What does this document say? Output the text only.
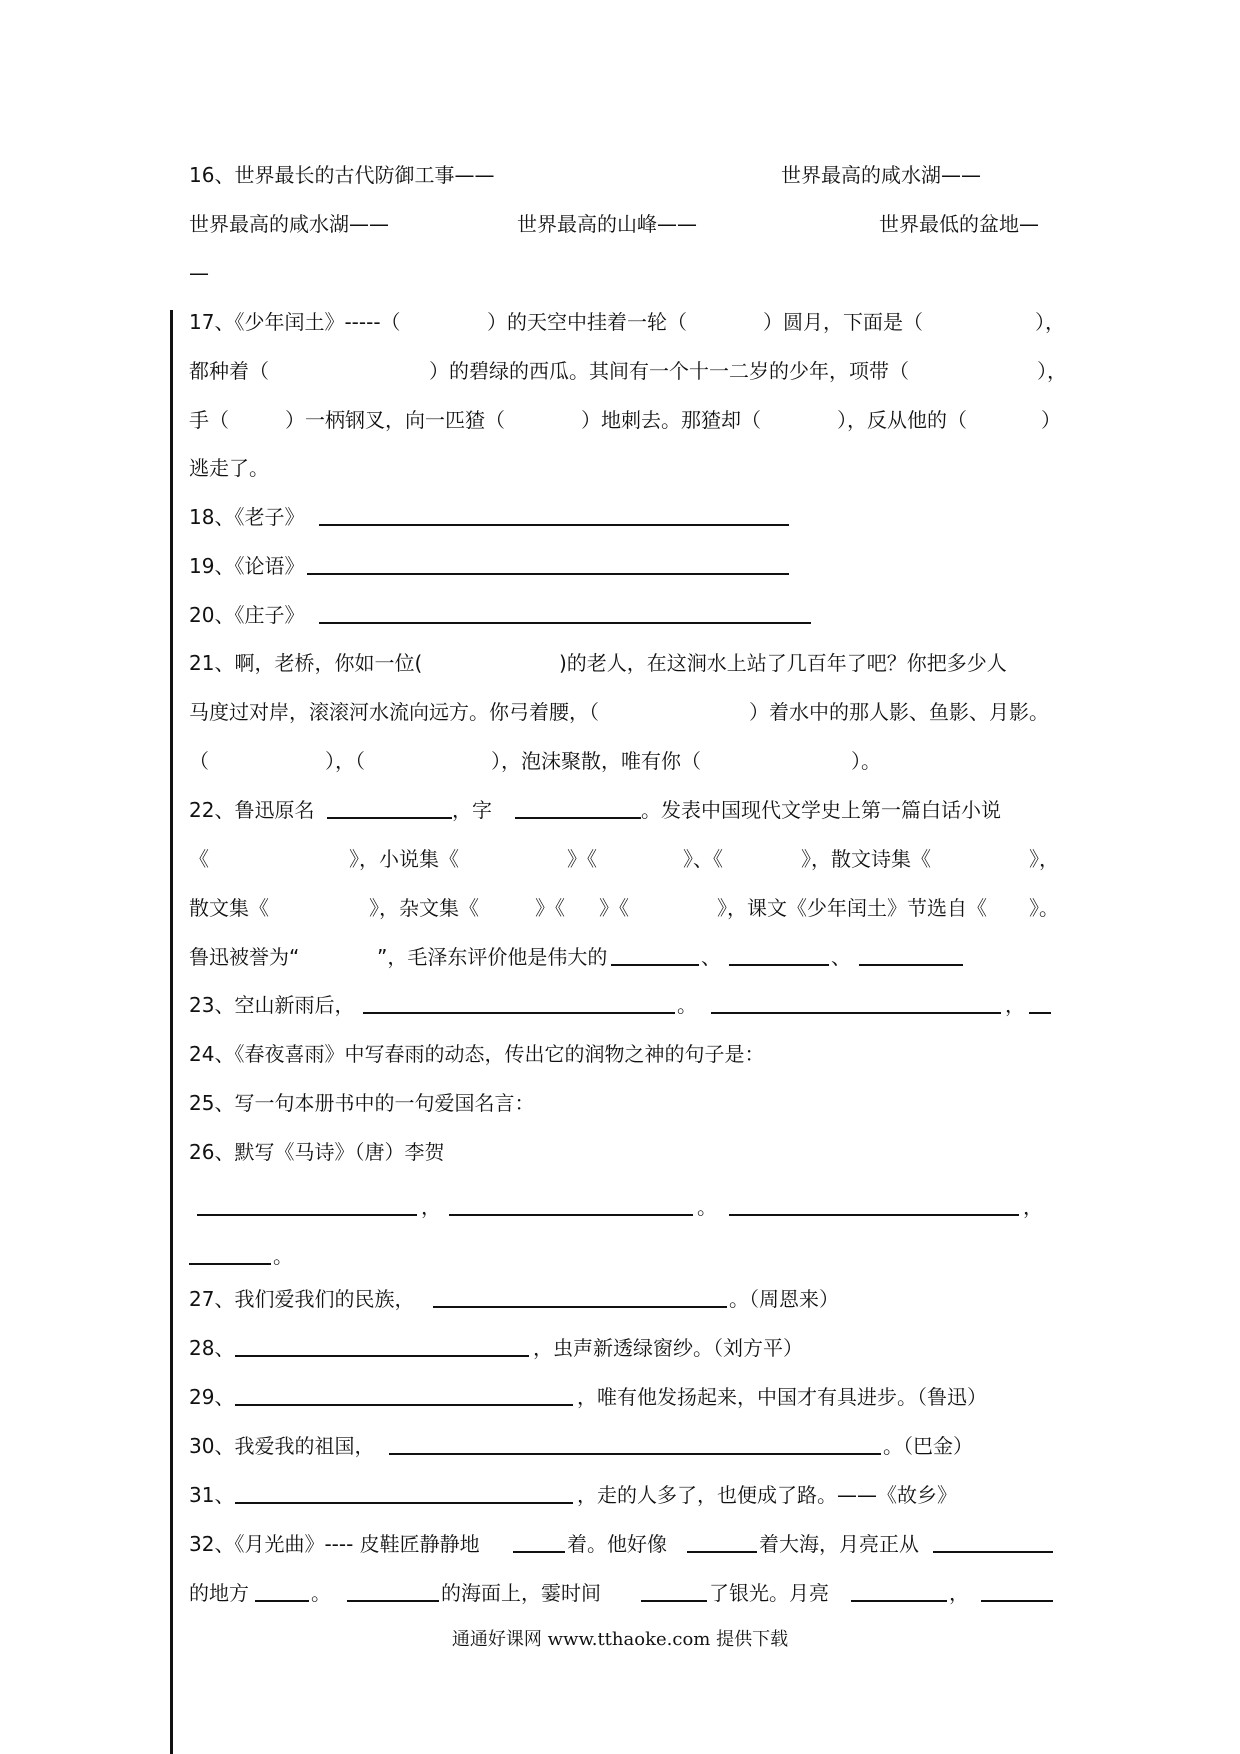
16、世界最长的古代防御工事——	世界最高的咸水湖——
世界最高的咸水湖——	世界最高的山峰——	世界最低的盆地—
—
17、《少年闰土》-----（	）的天空中挂着一轮（	）圆月，下面是（	），
都种着（	）的碧绿的西瓜。其间有一个十一二岁的少年，项带（	），
手（	）一柄钢叉，向一匹猹（	）地刺去。那猹却（	），反从他的（	）
逃走了。
18、《老子》
19、《论语》
20、《庄子》
21、啊，老桥，你如一位(	)的老人，在这涧水上站了几百年了吧？你把多少人
马度过对岸，滚滚河水流向远方。你弓着腰，（	）着水中的那人影、鱼影、月影。
（	），（	），泡沫聚散，唯有你（	）。
22、鲁迅原名	，字	。发表中国现代文学史上第一篇白话小说
《	》，小说集《	》《	》、《	》，散文诗集《	》，
散文集《	》，杂文集《	》《 》《	》，课文《少年闰土》节选自《 》。
鲁迅被誉为“	”，毛泽东评价他是伟大的	、	、
23、空山新雨后，	。	，
24、《春夜喜雨》中写春雨的动态，传出它的润物之神的句子是：
25、写一句本册书中的一句爱国名言：
26、默写《马诗》（唐）李贺
，	。	，
。
27、我们爱我们的民族，	。（周恩来）
28、	，虫声新透绿窗纱。（刘方平）
29、	，唯有他发扬起来，中国才有具进步。（鲁迅）
30、我爱我的祖国，	。（巴金）
31、	，走的人多了，也便成了路。——《故乡》
32、《月光曲》---- 皮鞋匠静静地	着。他好像	着大海，月亮正从
的地方	。	的海面上，霎时间	了银光。月亮	，
通通好课网 www.tthaoke.com 提供下载
